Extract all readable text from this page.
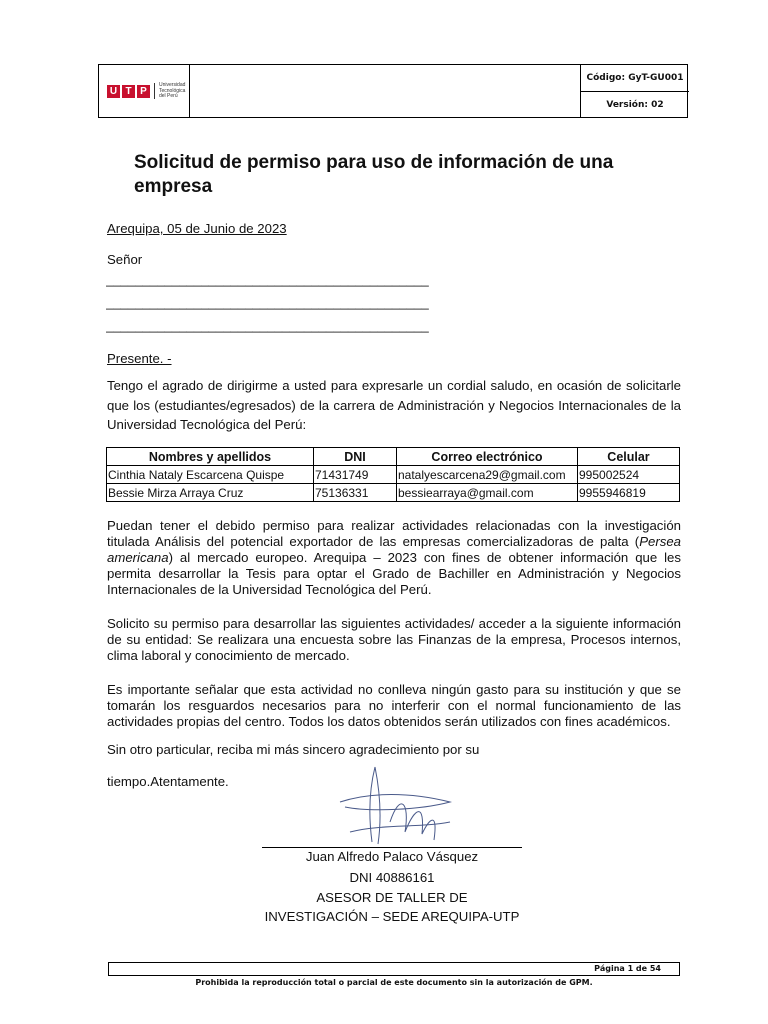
U T P
Universidad Tecnológica del Perú
Código: GyT-GU001
Versión: 02
Solicitud de permiso para uso de información de una empresa
Arequipa, 05 de Junio de 2023
Señor
____________________________________________
____________________________________________
____________________________________________
Presente. -
Tengo el agrado de dirigirme a usted para expresarle un cordial saludo, en ocasión de solicitarle que los (estudiantes/egresados) de la carrera de Administración y Negocios Internacionales de la Universidad Tecnológica del Perú:
Nombres y apellidos	DNI	Correo electrónico	Celular
Cinthia Nataly Escarcena Quispe	71431749	natalyescarcena29@gmail.com	995002524
Bessie Mirza Arraya Cruz	75136331	bessiearraya@gmail.com	9955946819
Puedan tener el debido permiso para realizar actividades relacionadas con la investigación titulada Análisis del potencial exportador de las empresas comercializadoras de palta (Persea americana) al mercado europeo. Arequipa – 2023 con fines de obtener información que les permita desarrollar la Tesis para optar el Grado de Bachiller en Administración y Negocios Internacionales de la Universidad Tecnológica del Perú.
Solicito su permiso para desarrollar las siguientes actividades/ acceder a la siguiente información de su entidad: Se realizara una encuesta sobre las Finanzas de la empresa, Procesos internos, clima laboral y conocimiento de mercado.
Es importante señalar que esta actividad no conlleva ningún gasto para su institución y que se tomarán los resguardos necesarios para no interferir con el normal funcionamiento de las actividades propias del centro. Todos los datos obtenidos serán utilizados con fines académicos.
Sin otro particular, reciba mi más sincero agradecimiento por su
tiempo.Atentamente.
Juan Alfredo Palaco Vásquez
DNI 40886161
ASESOR DE TALLER DE
INVESTIGACIÓN – SEDE AREQUIPA-UTP
Página 1 de 54
Prohibida la reproducción total o parcial de este documento sin la autorización de GPM.
